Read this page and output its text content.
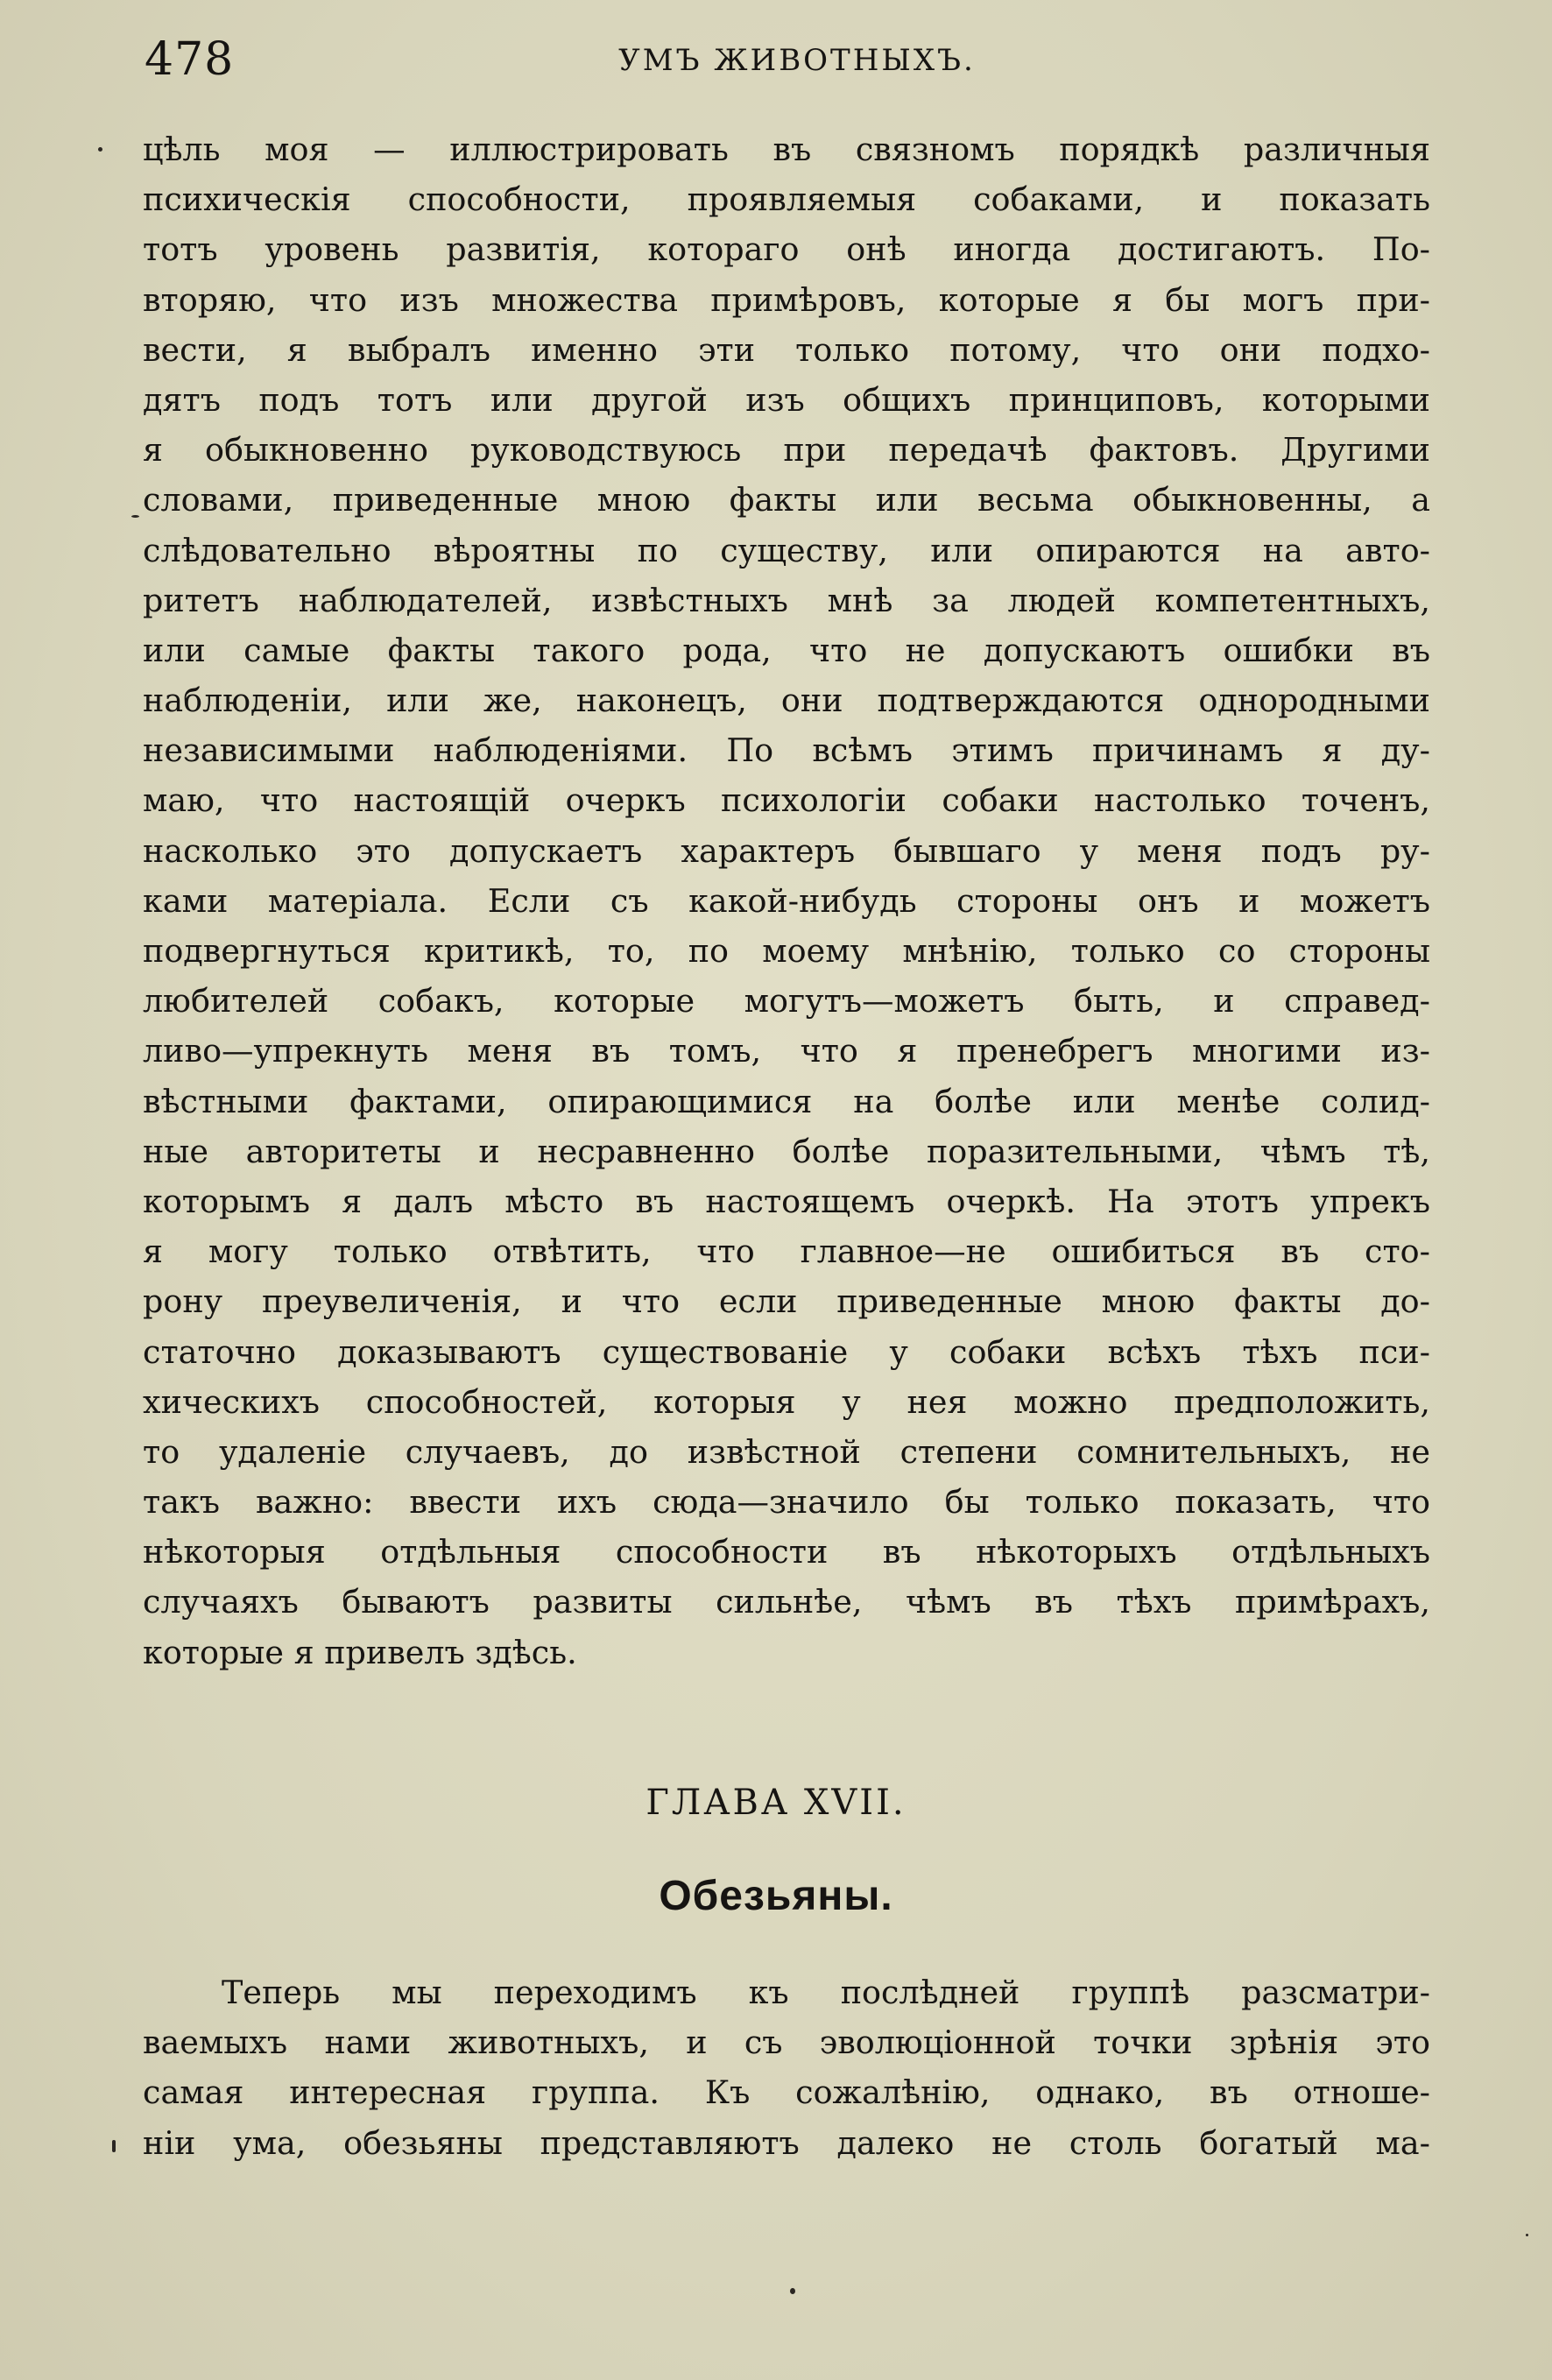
478	УМЪ ЖИВОТНЫХЪ.
цѣль моя — иллюстрировать въ связномъ порядкѣ различныя
психическія способности, проявляемыя собаками, и показать
тотъ уровень развитія, котораго онѣ иногда достигаютъ. По-
вторяю, что изъ множества примѣровъ, которые я бы могъ при-
вести, я выбралъ именно эти только потому, что они подхо-
дятъ подъ тотъ или другой изъ общихъ принциповъ, которыми
я обыкновенно руководствуюсь при передачѣ фактовъ. Другими
словами, приведенные мною факты или весьма обыкновенны, а
слѣдовательно вѣроятны по существу, или опираются на авто-
ритетъ наблюдателей, извѣстныхъ мнѣ за людей компетентныхъ,
или самые факты такого рода, что не допускаютъ ошибки въ
наблюденіи, или же, наконецъ, они подтверждаются однородными
независимыми наблюденіями. По всѣмъ этимъ причинамъ я ду-
маю, что настоящій очеркъ психологіи собаки настолько точенъ,
насколько это допускаетъ характеръ бывшаго у меня подъ ру-
ками матеріала. Если съ какой-нибудь стороны онъ и можетъ
подвергнуться критикѣ, то, по моему мнѣнію, только со стороны
любителей собакъ, которые могутъ—можетъ быть, и справед-
ливо—упрекнуть меня въ томъ, что я пренебрегъ многими из-
вѣстными фактами, опирающимися на болѣе или менѣе солид-
ные авторитеты и несравненно болѣе поразительными, чѣмъ тѣ,
которымъ я далъ мѣсто въ настоящемъ очеркѣ. На этотъ упрекъ
я могу только отвѣтить, что главное—не ошибиться въ сто-
рону преувеличенія, и что если приведенные мною факты до-
статочно доказываютъ существованіе у собаки всѣхъ тѣхъ пси-
хическихъ способностей, которыя у нея можно предположить,
то удаленіе случаевъ, до извѣстной степени сомнительныхъ, не
такъ важно: ввести ихъ сюда—значило бы только показать, что
нѣкоторыя отдѣльныя способности въ нѣкоторыхъ отдѣльныхъ
случаяхъ бываютъ развиты сильнѣе, чѣмъ въ тѣхъ примѣрахъ,
которые я привелъ здѣсь.
ГЛАВА XVII.
Обезьяны.
Теперь мы переходимъ къ послѣдней группѣ разсматри-
ваемыхъ нами животныхъ, и съ эволюціонной точки зрѣнія это
самая интересная группа. Къ сожалѣнію, однако, въ отноше-
ніи ума, обезьяны представляютъ далеко не столь богатый ма-
